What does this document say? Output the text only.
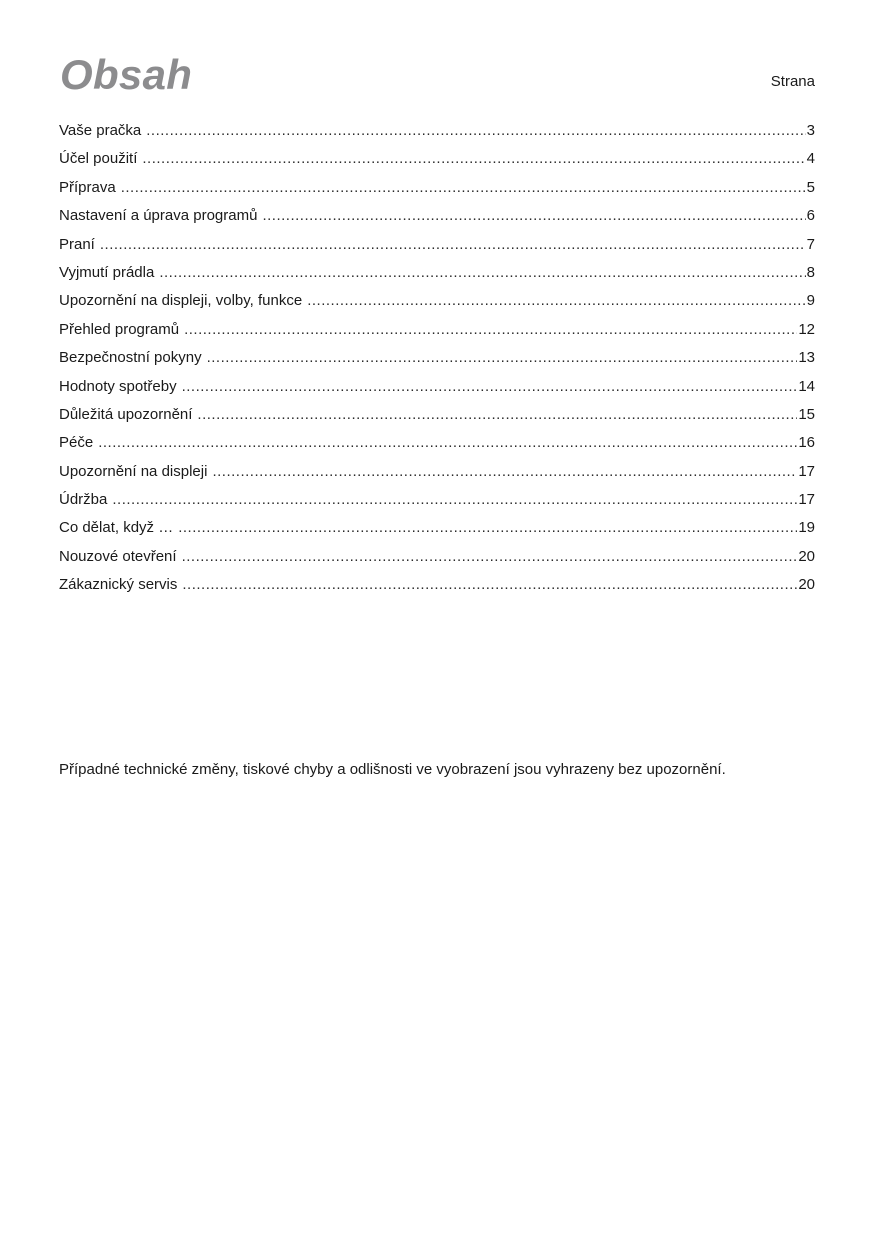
Obsah	Strana
Vaše pračka .....	3
Účel použití .....	4
Příprava .....	5
Nastavení a úprava programů .....	6
Praní .....	7
Vyjmutí prádla .....	8
Upozornění na displeji, volby, funkce .....	9
Přehled programů .....	12
Bezpečnostní pokyny .....	13
Hodnoty spotřeby .....	14
Důležitá upozornění .....	15
Péče .....	16
Upozornění na displeji .....	17
Údržba .....	17
Co dělat, když … .....	19
Nouzové otevření .....	20
Zákaznický servis .....	20
Případné technické změny, tiskové chyby a odlišnosti ve vyobrazení jsou vyhrazeny bez upozornění.
